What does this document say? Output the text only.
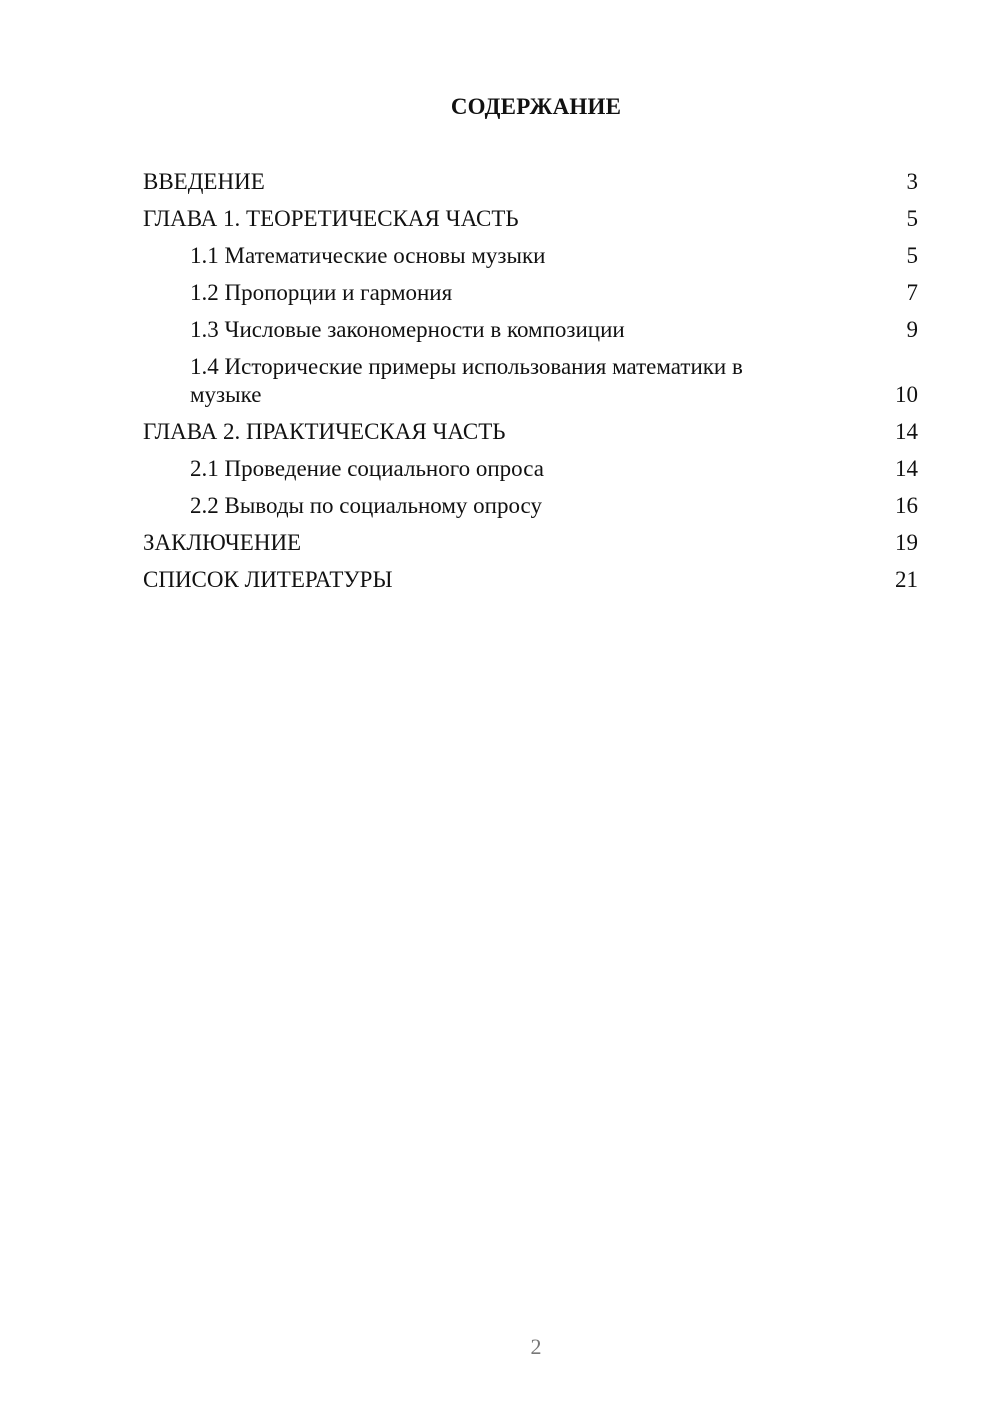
СОДЕРЖАНИЕ
ВВЕДЕНИЕ	3
ГЛАВА 1. ТЕОРЕТИЧЕСКАЯ ЧАСТЬ	5
1.1 Математические основы музыки	5
1.2 Пропорции и гармония	7
1.3 Числовые закономерности в композиции	9
1.4 Исторические примеры использования математики в музыке	10
ГЛАВА 2. ПРАКТИЧЕСКАЯ ЧАСТЬ	14
2.1 Проведение социального опроса	14
2.2 Выводы по социальному опросу	16
ЗАКЛЮЧЕНИЕ	19
СПИСОК ЛИТЕРАТУРЫ	21
2
